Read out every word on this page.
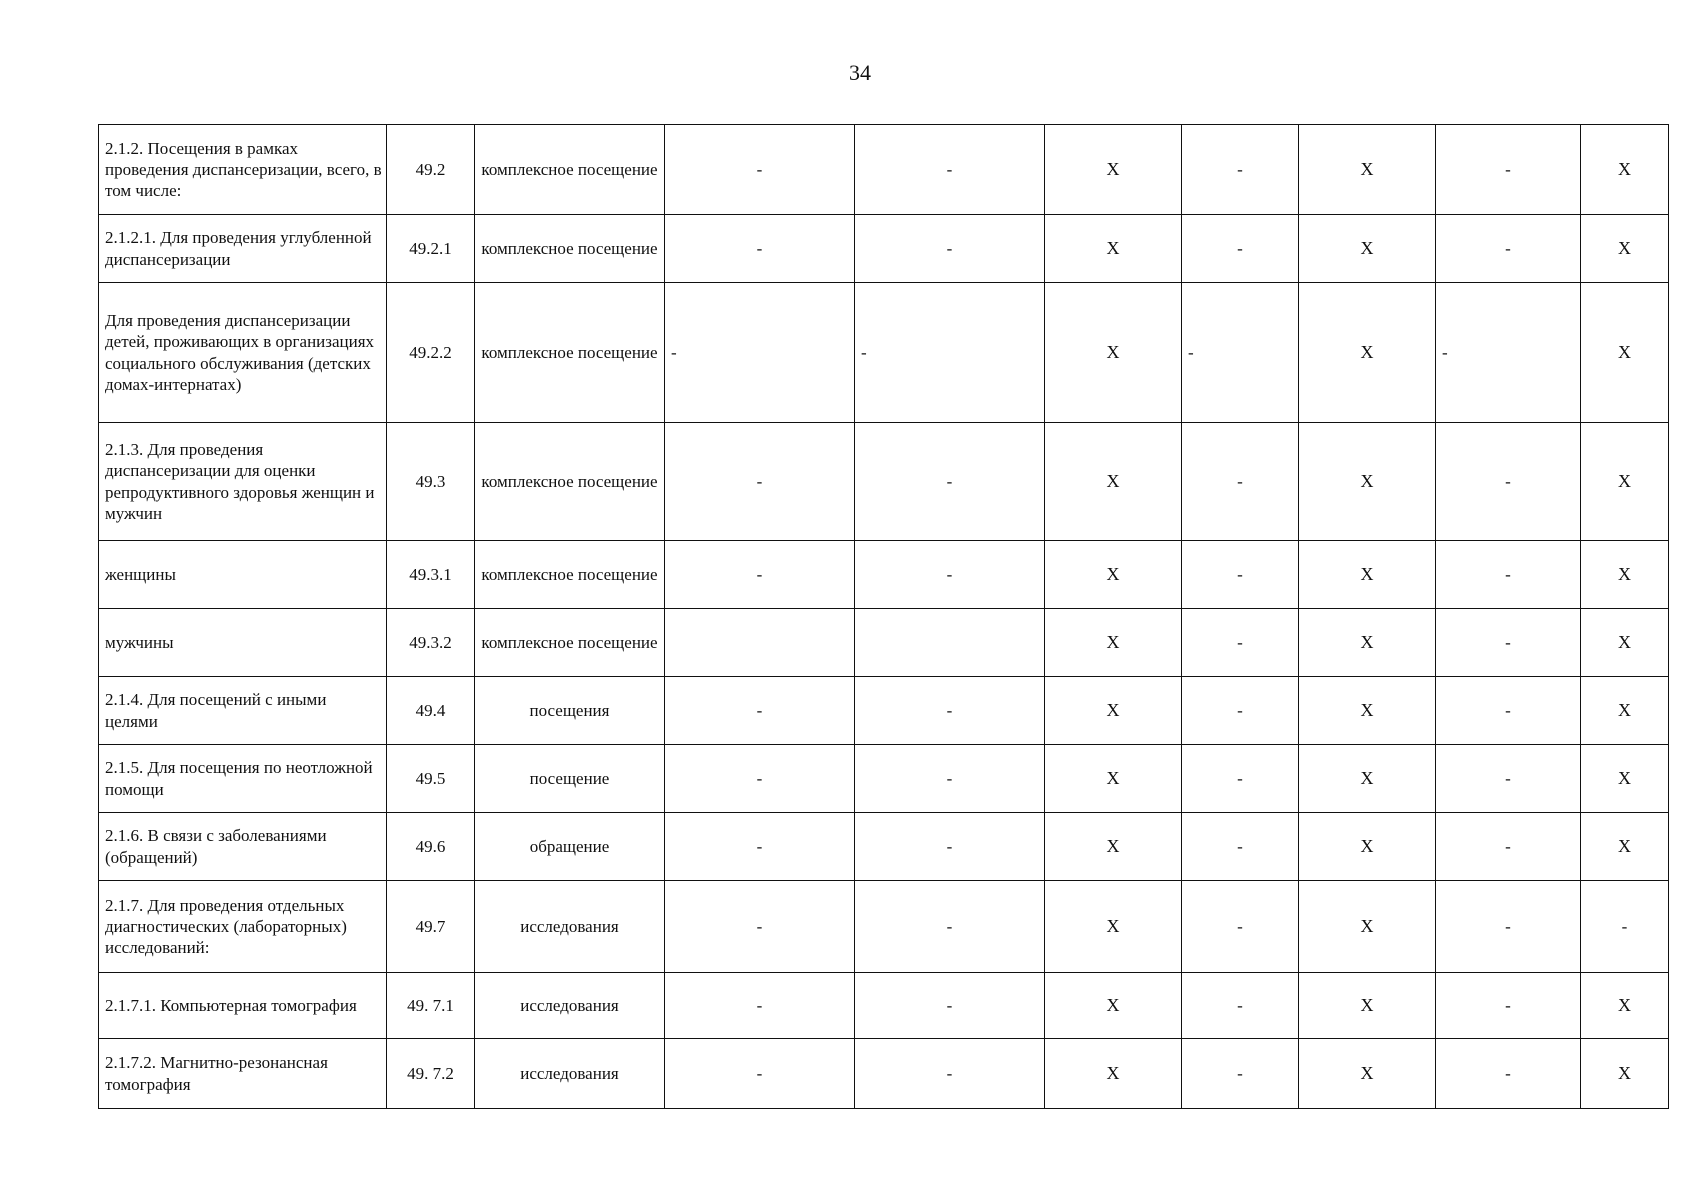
34
2.1.2. Посещения в рамках проведения диспансеризации, всего, в том числе:	49.2	комплексное посещение	-	-	X	-	X	-	X
2.1.2.1. Для проведения углубленной диспансеризации	49.2.1	комплексное посещение	-	-	X	-	X	-	X
Для проведения диспансеризации детей, проживающих в организациях социального обслуживания (детских домах-интернатах)	49.2.2	комплексное посещение	-	-	X	-	X	-	X
2.1.3. Для проведения диспансеризации для оценки репродуктивного здоровья женщин и мужчин	49.3	комплексное посещение	-	-	X	-	X	-	X
женщины	49.3.1	комплексное посещение	-	-	X	-	X	-	X
мужчины	49.3.2	комплексное посещение			X	-	X	-	X
2.1.4. Для посещений с иными целями	49.4	посещения	-	-	X	-	X	-	X
2.1.5. Для посещения по неотложной помощи	49.5	посещение	-	-	X	-	X	-	X
2.1.6. В связи с заболеваниями (обращений)	49.6	обращение	-	-	X	-	X	-	X
2.1.7. Для проведения отдельных диагностических (лабораторных) исследований:	49.7	исследования	-	-	X	-	X	-	-
2.1.7.1. Компьютерная томография	49. 7.1	исследования	-	-	X	-	X	-	X
2.1.7.2. Магнитно-резонансная томография	49. 7.2	исследования	-	-	X	-	X	-	X
